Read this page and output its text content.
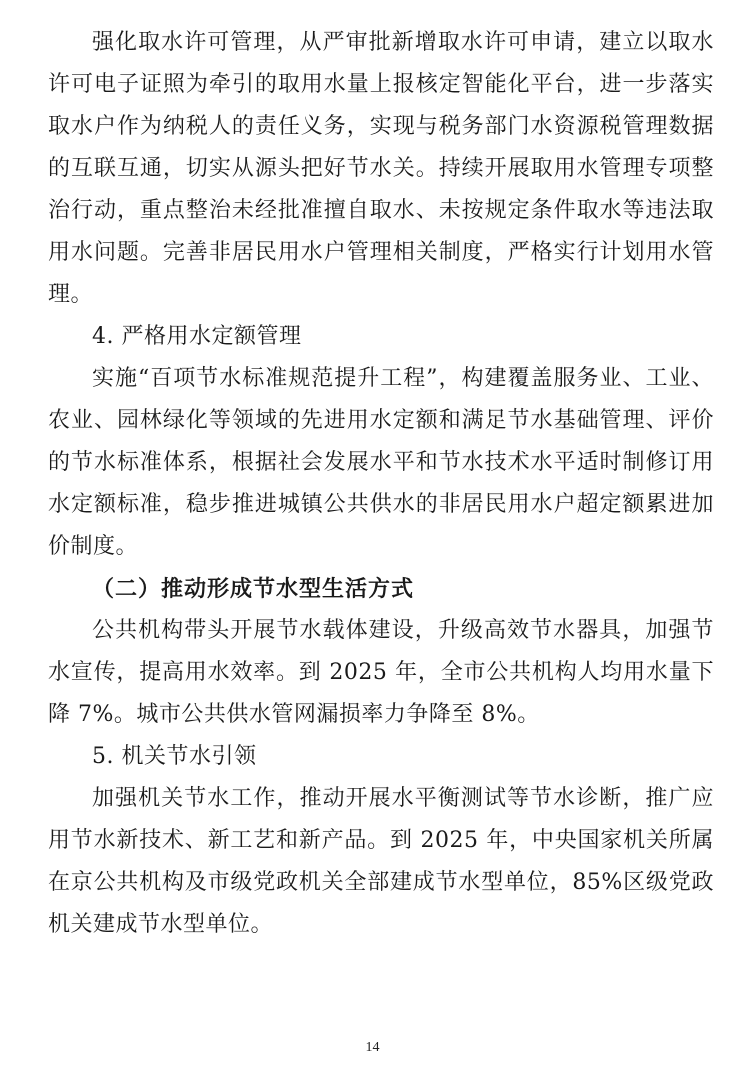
强化取水许可管理，从严审批新增取水许可申请，建立以取水许可电子证照为牵引的取用水量上报核定智能化平台，进一步落实取水户作为纳税人的责任义务，实现与税务部门水资源税管理数据的互联互通，切实从源头把好节水关。持续开展取用水管理专项整治行动，重点整治未经批准擅自取水、未按规定条件取水等违法取用水问题。完善非居民用水户管理相关制度，严格实行计划用水管理。

4. 严格用水定额管理

实施“百项节水标准规范提升工程”，构建覆盖服务业、工业、农业、园林绿化等领域的先进用水定额和满足节水基础管理、评价的节水标准体系，根据社会发展水平和节水技术水平适时制修订用水定额标准，稳步推进城镇公共供水的非居民用水户超定额累进加价制度。

（二）推动形成节水型生活方式

公共机构带头开展节水载体建设，升级高效节水器具，加强节水宣传，提高用水效率。到 2025 年，全市公共机构人均用水量下降 7%。城市公共供水管网漏损率力争降至 8%。

5. 机关节水引领

加强机关节水工作，推动开展水平衡测试等节水诊断，推广应用节水新技术、新工艺和新产品。到 2025 年，中央国家机关所属在京公共机构及市级党政机关全部建成节水型单位，85%区级党政机关建成节水型单位。

14
